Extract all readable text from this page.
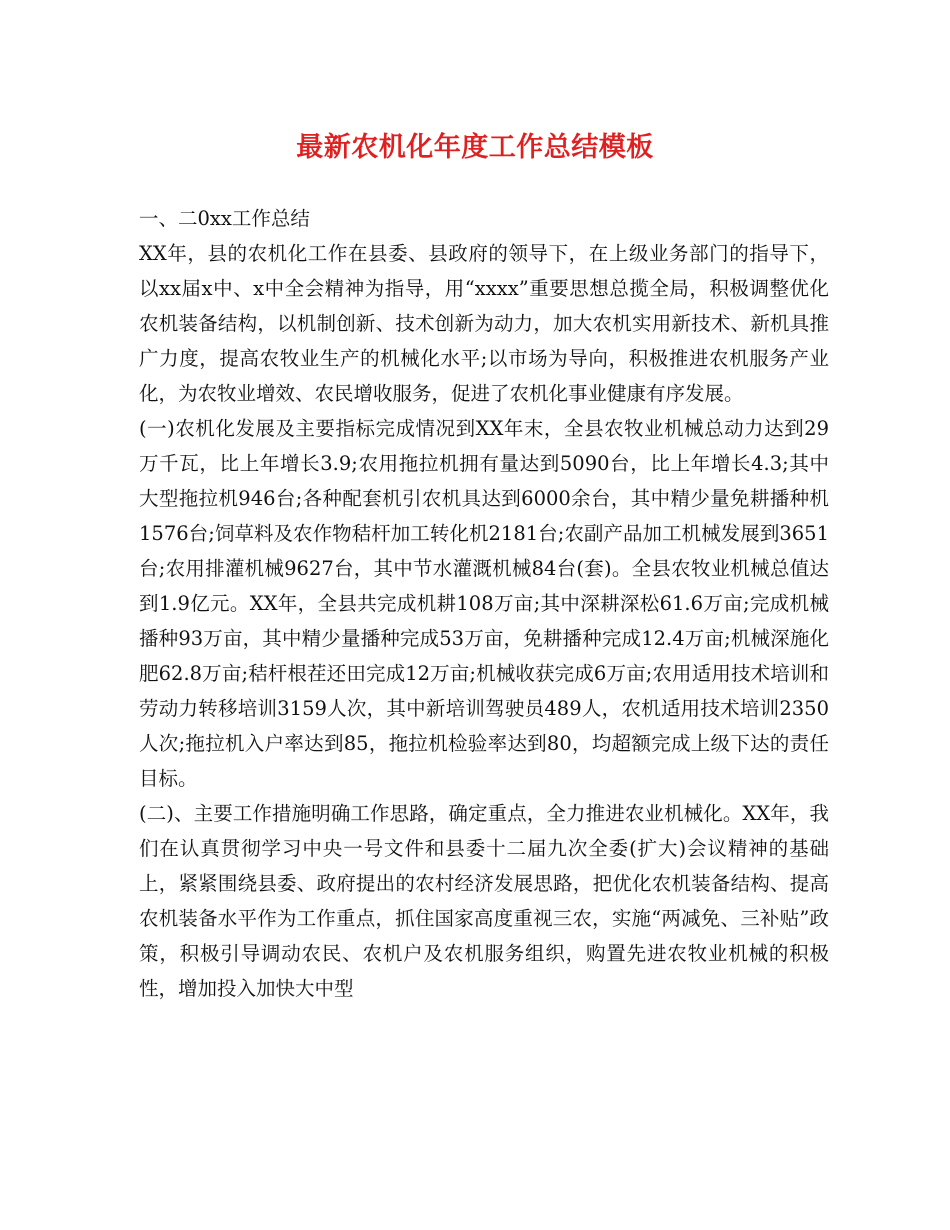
最新农机化年度工作总结模板

一、二0xx工作总结

XX年，县的农机化工作在县委、县政府的领导下，在上级业务部门的指导下，以xx届x中、x中全会精神为指导，用“xxxx”重要思想总揽全局，积极调整优化农机装备结构，以机制创新、技术创新为动力，加大农机实用新技术、新机具推广力度，提高农牧业生产的机械化水平;以市场为导向，积极推进农机服务产业化，为农牧业增效、农民增收服务，促进了农机化事业健康有序发展。

(一)农机化发展及主要指标完成情况到XX年末，全县农牧业机械总动力达到29万千瓦，比上年增长3.9;农用拖拉机拥有量达到5090台，比上年增长4.3;其中大型拖拉机946台;各种配套机引农机具达到6000余台，其中精少量免耕播种机1576台;饲草料及农作物秸杆加工转化机2181台;农副产品加工机械发展到3651台;农用排灌机械9627台，其中节水灌溉机械84台(套)。全县农牧业机械总值达到1.9亿元。XX年，全县共完成机耕108万亩;其中深耕深松61.6万亩;完成机械播种93万亩，其中精少量播种完成53万亩，免耕播种完成12.4万亩;机械深施化肥62.8万亩;秸杆根茬还田完成12万亩;机械收获完成6万亩;农用适用技术培训和劳动力转移培训3159人次，其中新培训驾驶员489人，农机适用技术培训2350人次;拖拉机入户率达到85，拖拉机检验率达到80，均超额完成上级下达的责任目标。

(二)、主要工作措施明确工作思路，确定重点，全力推进农业机械化。XX年，我们在认真贯彻学习中央一号文件和县委十二届九次全委(扩大)会议精神的基础上，紧紧围绕县委、政府提出的农村经济发展思路，把优化农机装备结构、提高农机装备水平作为工作重点，抓住国家高度重视三农，实施“两减免、三补贴”政策，积极引导调动农民、农机户及农机服务组织，购置先进农牧业机械的积极性，增加投入加快大中型
